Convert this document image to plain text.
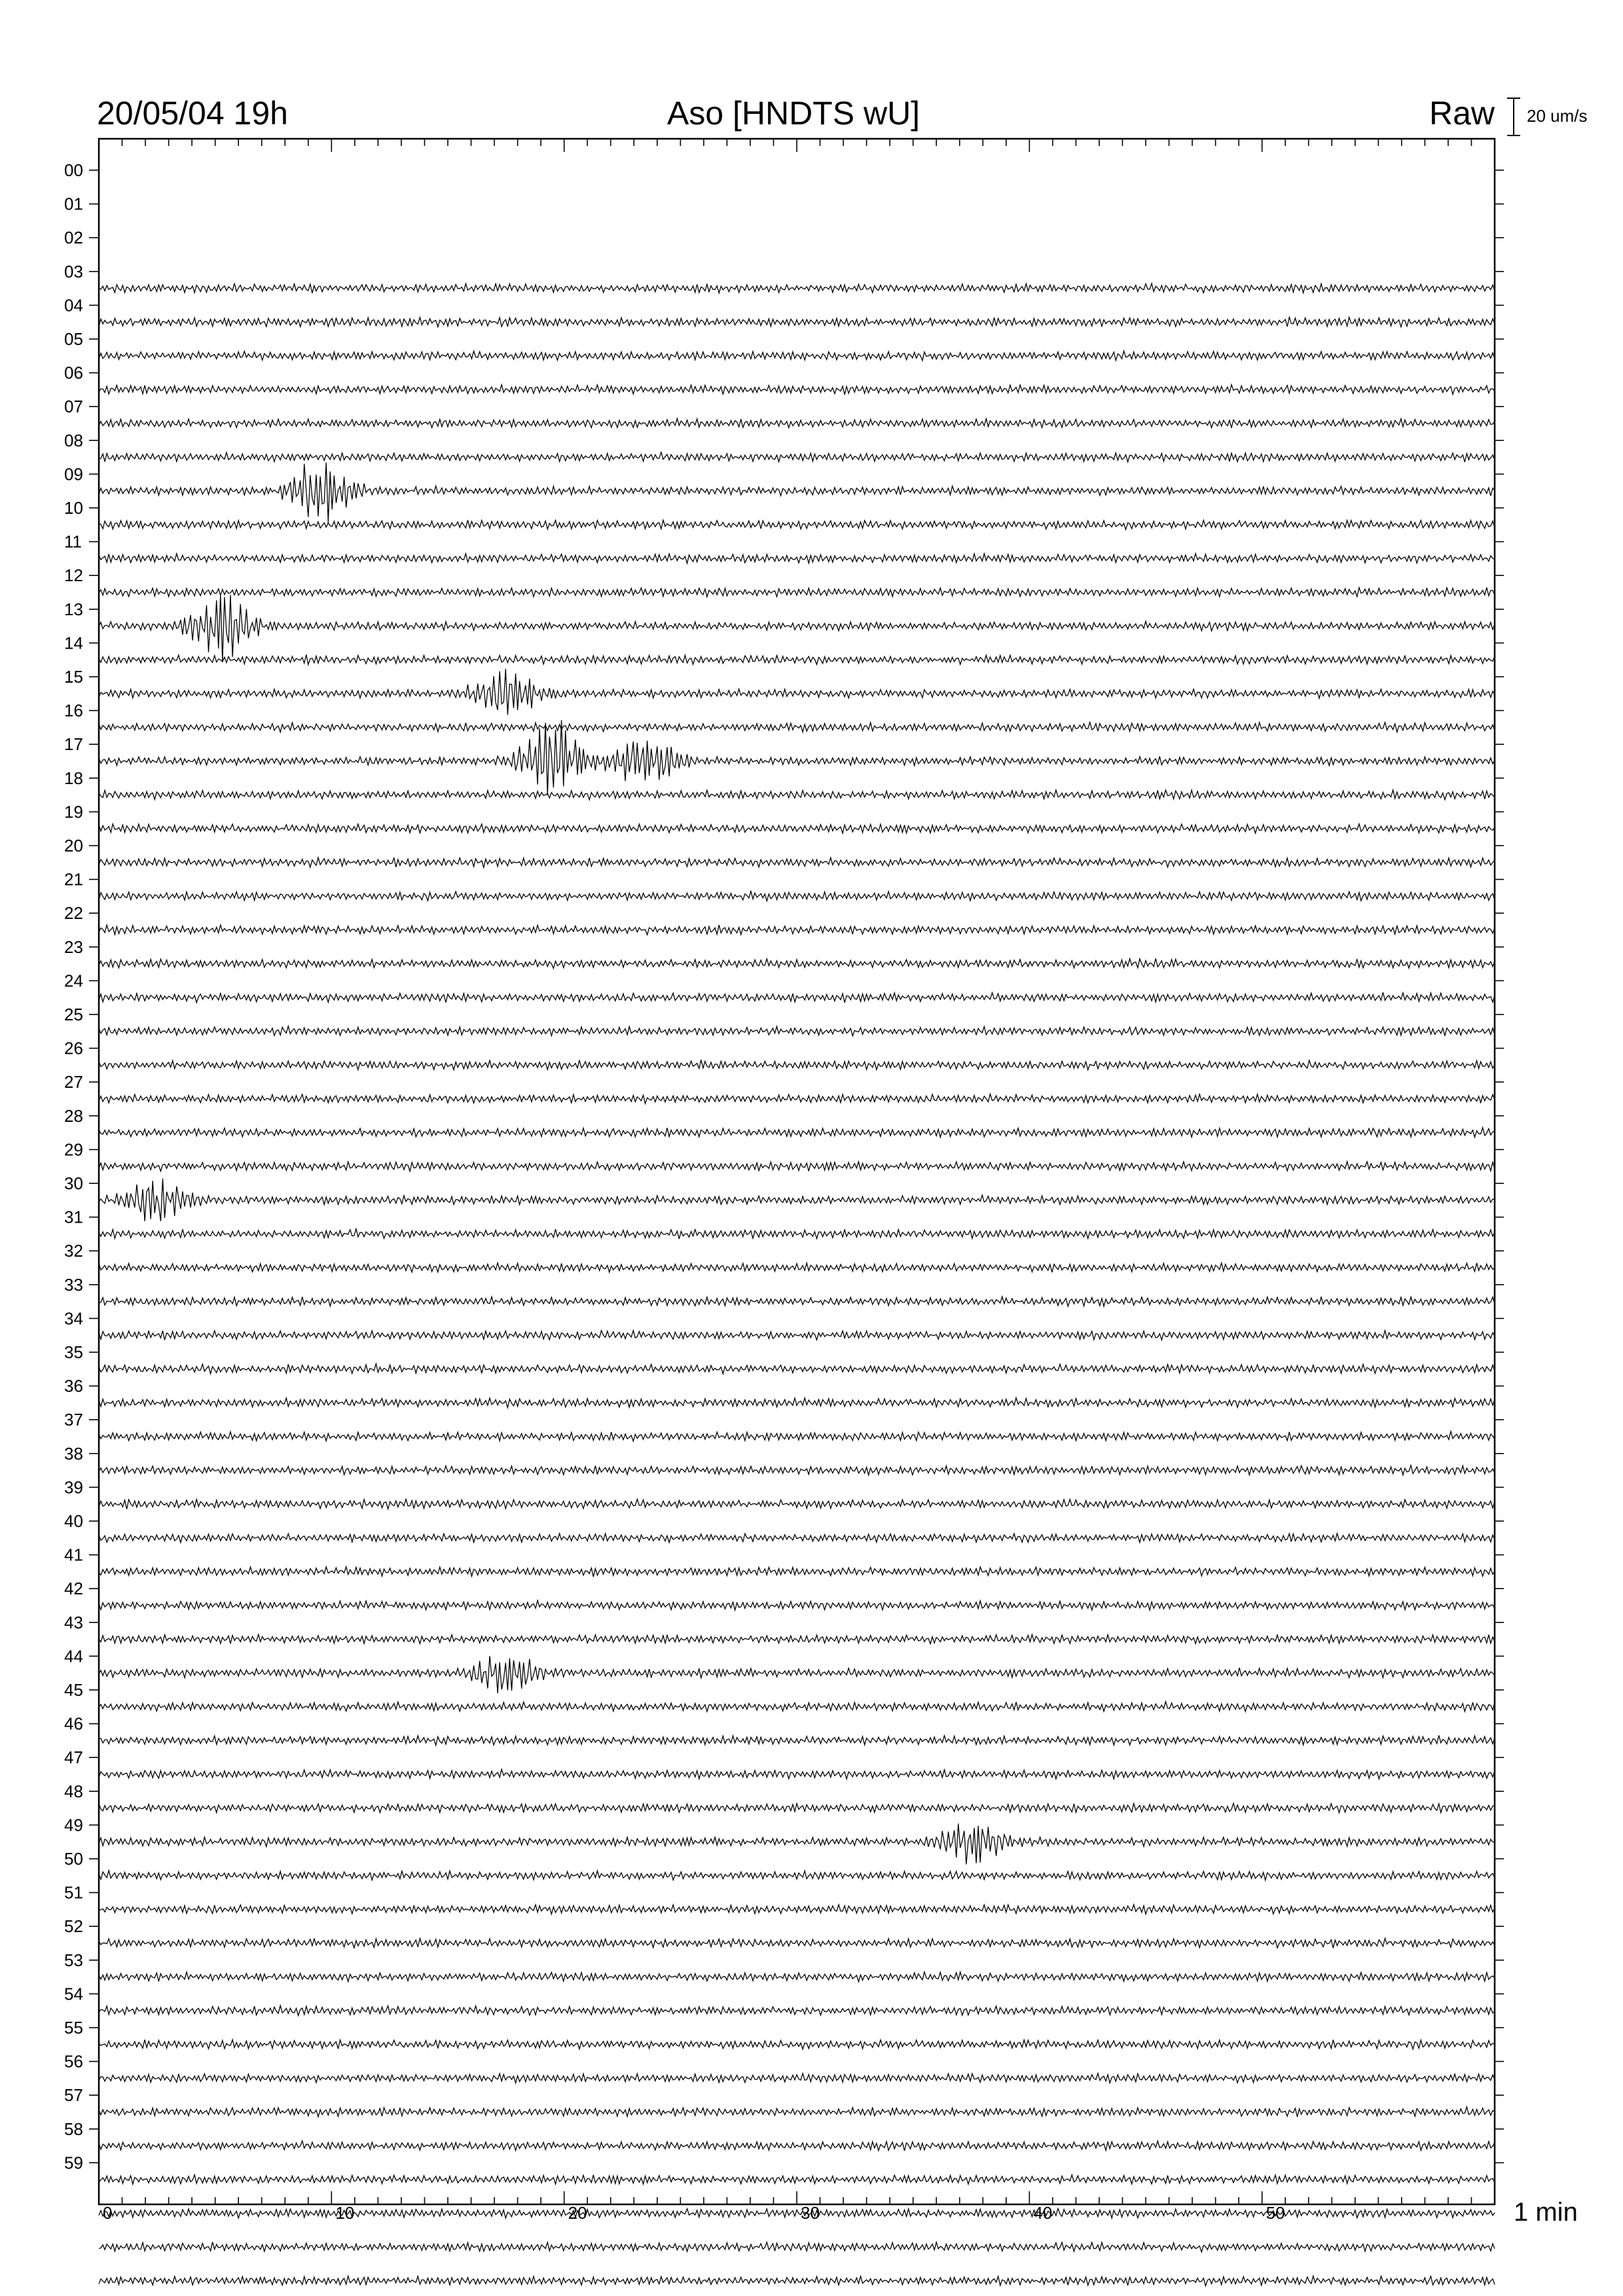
20/05/04 19h	Aso [HNDTS wU]	Raw 20 um/s
00
01
02
03
04
05
06
07
08
09
10
11
12
13
14
15
16
17
18
19
20
21
22
23
24
25
26
27
28
29
30
31
32
33
34
35
36
37
38
39
40
41
42
43
44
45
46
47
48
49
50
51
52
53
54
55
56
57
58
59
0	10	20	30	40	50	1 min
